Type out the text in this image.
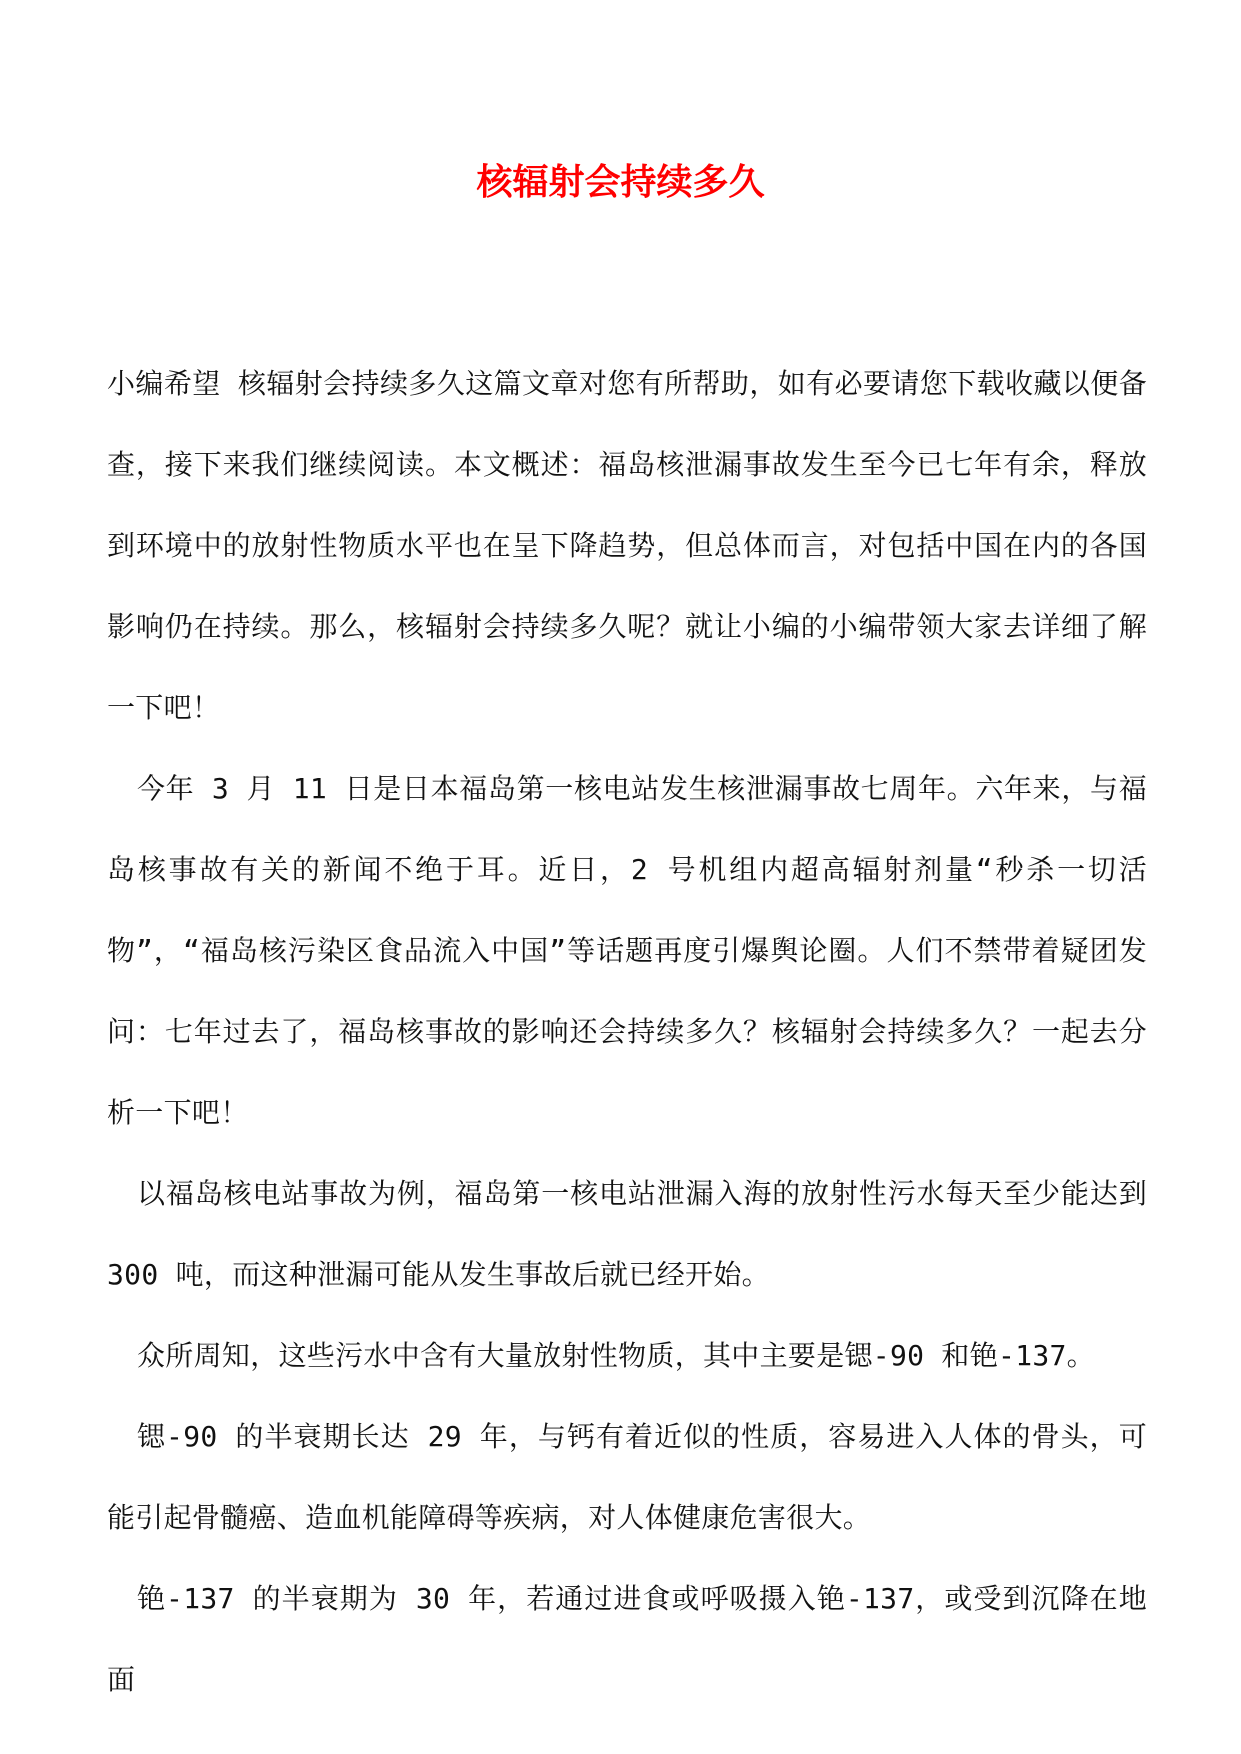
核辐射会持续多久

小编希望 核辐射会持续多久这篇文章对您有所帮助，如有必要请您下载收藏以便备查，接下来我们继续阅读。本文概述：福岛核泄漏事故发生至今已七年有余，释放到环境中的放射性物质水平也在呈下降趋势，但总体而言，对包括中国在内的各国影响仍在持续。那么，核辐射会持续多久呢？就让小编的小编带领大家去详细了解一下吧！

今年 3 月 11 日是日本福岛第一核电站发生核泄漏事故七周年。六年来，与福岛核事故有关的新闻不绝于耳。近日，2 号机组内超高辐射剂量“秒杀一切活物”，“福岛核污染区食品流入中国”等话题再度引爆舆论圈。人们不禁带着疑团发问：七年过去了，福岛核事故的影响还会持续多久？核辐射会持续多久？一起去分析一下吧！

以福岛核电站事故为例，福岛第一核电站泄漏入海的放射性污水每天至少能达到 300 吨，而这种泄漏可能从发生事故后就已经开始。

众所周知，这些污水中含有大量放射性物质，其中主要是锶-90 和铯-137。

锶-90 的半衰期长达 29 年，与钙有着近似的性质，容易进入人体的骨头，可能引起骨髓癌、造血机能障碍等疾病，对人体健康危害很大。

铯-137 的半衰期为 30 年，若通过进食或呼吸摄入铯-137，或受到沉降在地面
